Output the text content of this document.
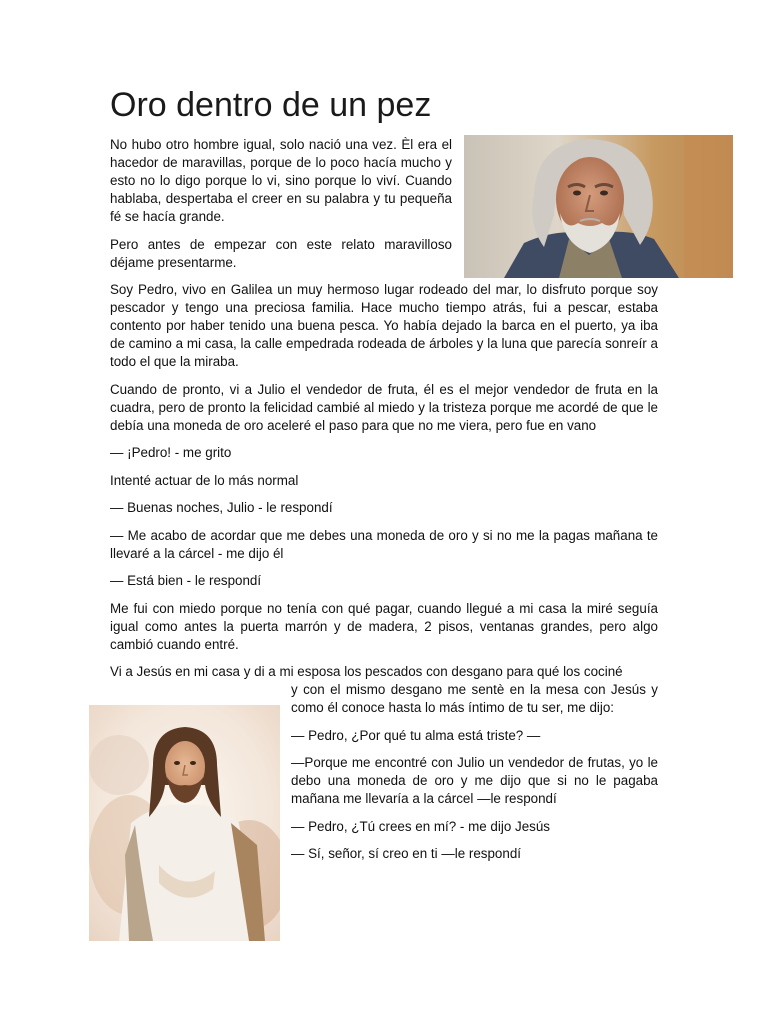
Oro dentro de un pez

No hubo otro hombre igual, solo nació una vez. Èl era el hacedor de maravillas, porque de lo poco hacía mucho y esto no lo digo porque lo vi, sino porque lo viví. Cuando hablaba, despertaba el creer en su palabra y tu pequeña fé se hacía grande.

Pero antes de empezar con este relato maravilloso déjame presentarme.

Soy Pedro, vivo en Galilea un muy hermoso lugar rodeado del mar, lo disfruto porque soy pescador y tengo una preciosa familia. Hace mucho tiempo atrás, fui a pescar, estaba contento por haber tenido una buena pesca. Yo había dejado la barca en el puerto, ya iba de camino a mi casa, la calle empedrada rodeada de árboles y la luna que parecía sonreír a todo el que la miraba.

Cuando de pronto, vi a Julio el vendedor de fruta, él es el mejor vendedor de fruta en la cuadra, pero de pronto la felicidad cambié al miedo y la tristeza porque me acordé de que le debía una moneda de oro aceleré el paso para que no me viera, pero fue en vano

— ¡Pedro! - me grito

Intenté actuar de lo más normal

— Buenas noches, Julio - le respondí

— Me acabo de acordar que me debes una moneda de oro y si no me la pagas mañana te llevaré a la cárcel - me dijo él

— Está bien - le respondí

Me fui con miedo porque no tenía con qué pagar, cuando llegué a mi casa la miré seguía igual como antes la puerta marrón y de madera, 2 pisos, ventanas grandes, pero algo cambió cuando entré.

Vi a Jesús en mi casa y di a mi esposa los pescados con desgano para qué los cociné

y con el mismo desgano me sentè en la mesa con Jesús y como él conoce hasta lo más íntimo de tu ser, me dijo:

— Pedro, ¿Por qué tu alma está triste? —

—Porque me encontré con Julio un vendedor de frutas, yo le debo una moneda de oro y me dijo que si no le pagaba mañana me llevaría a la cárcel —le respondí

— Pedro, ¿Tú crees en mí? - me dijo Jesús

— Sí, señor, sí creo en ti —le respondí
